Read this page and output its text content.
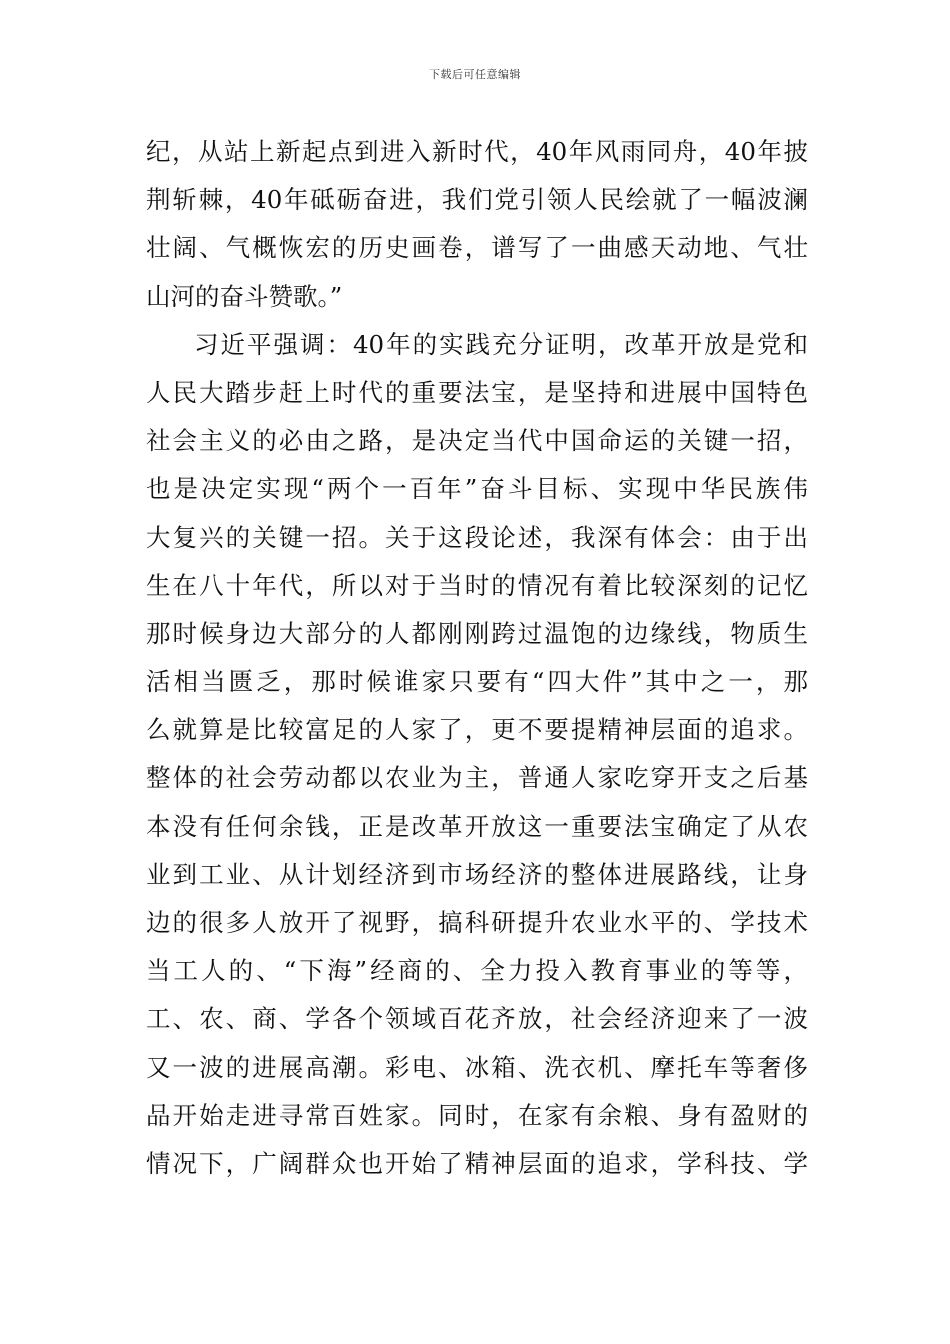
下载后可任意编辑
纪，从站上新起点到进入新时代，40年风雨同舟，40年披
荆斩棘，40年砥砺奋进，我们党引领人民绘就了一幅波澜
壮阔、气概恢宏的历史画卷，谱写了一曲感天动地、气壮
山河的奋斗赞歌。”
习近平强调：40年的实践充分证明，改革开放是党和
人民大踏步赶上时代的重要法宝，是坚持和进展中国特色
社会主义的必由之路，是决定当代中国命运的关键一招，
也是决定实现“两个一百年”奋斗目标、实现中华民族伟
大复兴的关键一招。关于这段论述，我深有体会：由于出
生在八十年代，所以对于当时的情况有着比较深刻的记忆
那时候身边大部分的人都刚刚跨过温饱的边缘线，物质生
活相当匮乏，那时候谁家只要有“四大件”其中之一，那
么就算是比较富足的人家了，更不要提精神层面的追求。
整体的社会劳动都以农业为主，普通人家吃穿开支之后基
本没有任何余钱，正是改革开放这一重要法宝确定了从农
业到工业、从计划经济到市场经济的整体进展路线，让身
边的很多人放开了视野，搞科研提升农业水平的、学技术
当工人的、“下海”经商的、全力投入教育事业的等等，
工、农、商、学各个领域百花齐放，社会经济迎来了一波
又一波的进展高潮。彩电、冰箱、洗衣机、摩托车等奢侈
品开始走进寻常百姓家。同时，在家有余粮、身有盈财的
情况下，广阔群众也开始了精神层面的追求，学科技、学
